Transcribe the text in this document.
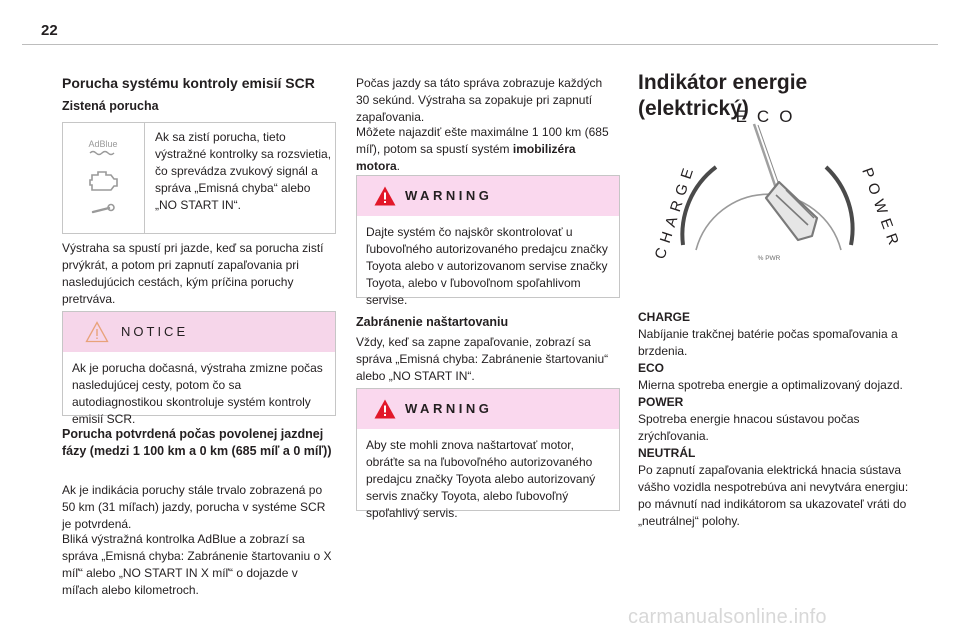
22
Porucha systému kontroly emisií SCR
Zistená porucha
AdBlue	Ak sa zistí porucha, tieto výstražné kontrolky sa rozsvietia, čo sprevádza zvukový signál a správa „Emisná chyba“ alebo „NO START IN“.
Výstraha sa spustí pri jazde, keď sa porucha zistí prvýkrát, a potom pri zapnutí zapaľovania pri nasledujúcich cestách, kým príčina poruchy pretrváva.
NOTICE
Ak je porucha dočasná, výstraha zmizne počas nasledujúcej cesty, potom čo sa autodiagnostikou skontroluje systém kontroly emisií SCR.
Porucha potvrdená počas povolenej jazdnej fázy (medzi 1 100 km a 0 km (685 míľ a 0 míľ))
Ak je indikácia poruchy stále trvalo zobrazená po 50 km (31 míľach) jazdy, porucha v systéme SCR je potvrdená.
Bliká výstražná kontrolka AdBlue a zobrazí sa správa „Emisná chyba: Zabránenie štartovaniu o X míľ“ alebo „NO START IN X míľ“ o dojazde v míľach alebo kilometroch.
Počas jazdy sa táto správa zobrazuje každých 30 sekúnd. Výstraha sa zopakuje pri zapnutí zapaľovania.
Môžete najazdiť ešte maximálne 1 100 km (685 míľ), potom sa spustí systém imobilizéra motora.
WARNING
Dajte systém čo najskôr skontrolovať u ľubovoľného autorizovaného predajcu značky Toyota alebo v autorizovanom servise značky Toyota, alebo v ľubovoľnom spoľahlivom servise.
Zabránenie naštartovaniu
Vždy, keď sa zapne zapaľovanie, zobrazí sa správa „Emisná chyba: Zabránenie štartovaniu“ alebo „NO START IN“.
WARNING
Aby ste mohli znova naštartovať motor, obráťte sa na ľubovoľného autorizovaného predajcu značky Toyota alebo autorizovaný servis značky Toyota, alebo ľubovoľný spoľahlivý servis.
Indikátor energie (elektrický)
ECO
CHARGE	POWER
% PWR
CHARGE
Nabíjanie trakčnej batérie počas spomaľovania a brzdenia.
ECO
Mierna spotreba energie a optimalizovaný dojazd.
POWER
Spotreba energie hnacou sústavou počas zrýchľovania.
NEUTRÁL
Po zapnutí zapaľovania elektrická hnacia sústava vášho vozidla nespotrebúva ani nevytvára energiu: po mávnutí nad indikátorom sa ukazovateľ vráti do „neutrálnej“ polohy.
carmanualsonline.info
